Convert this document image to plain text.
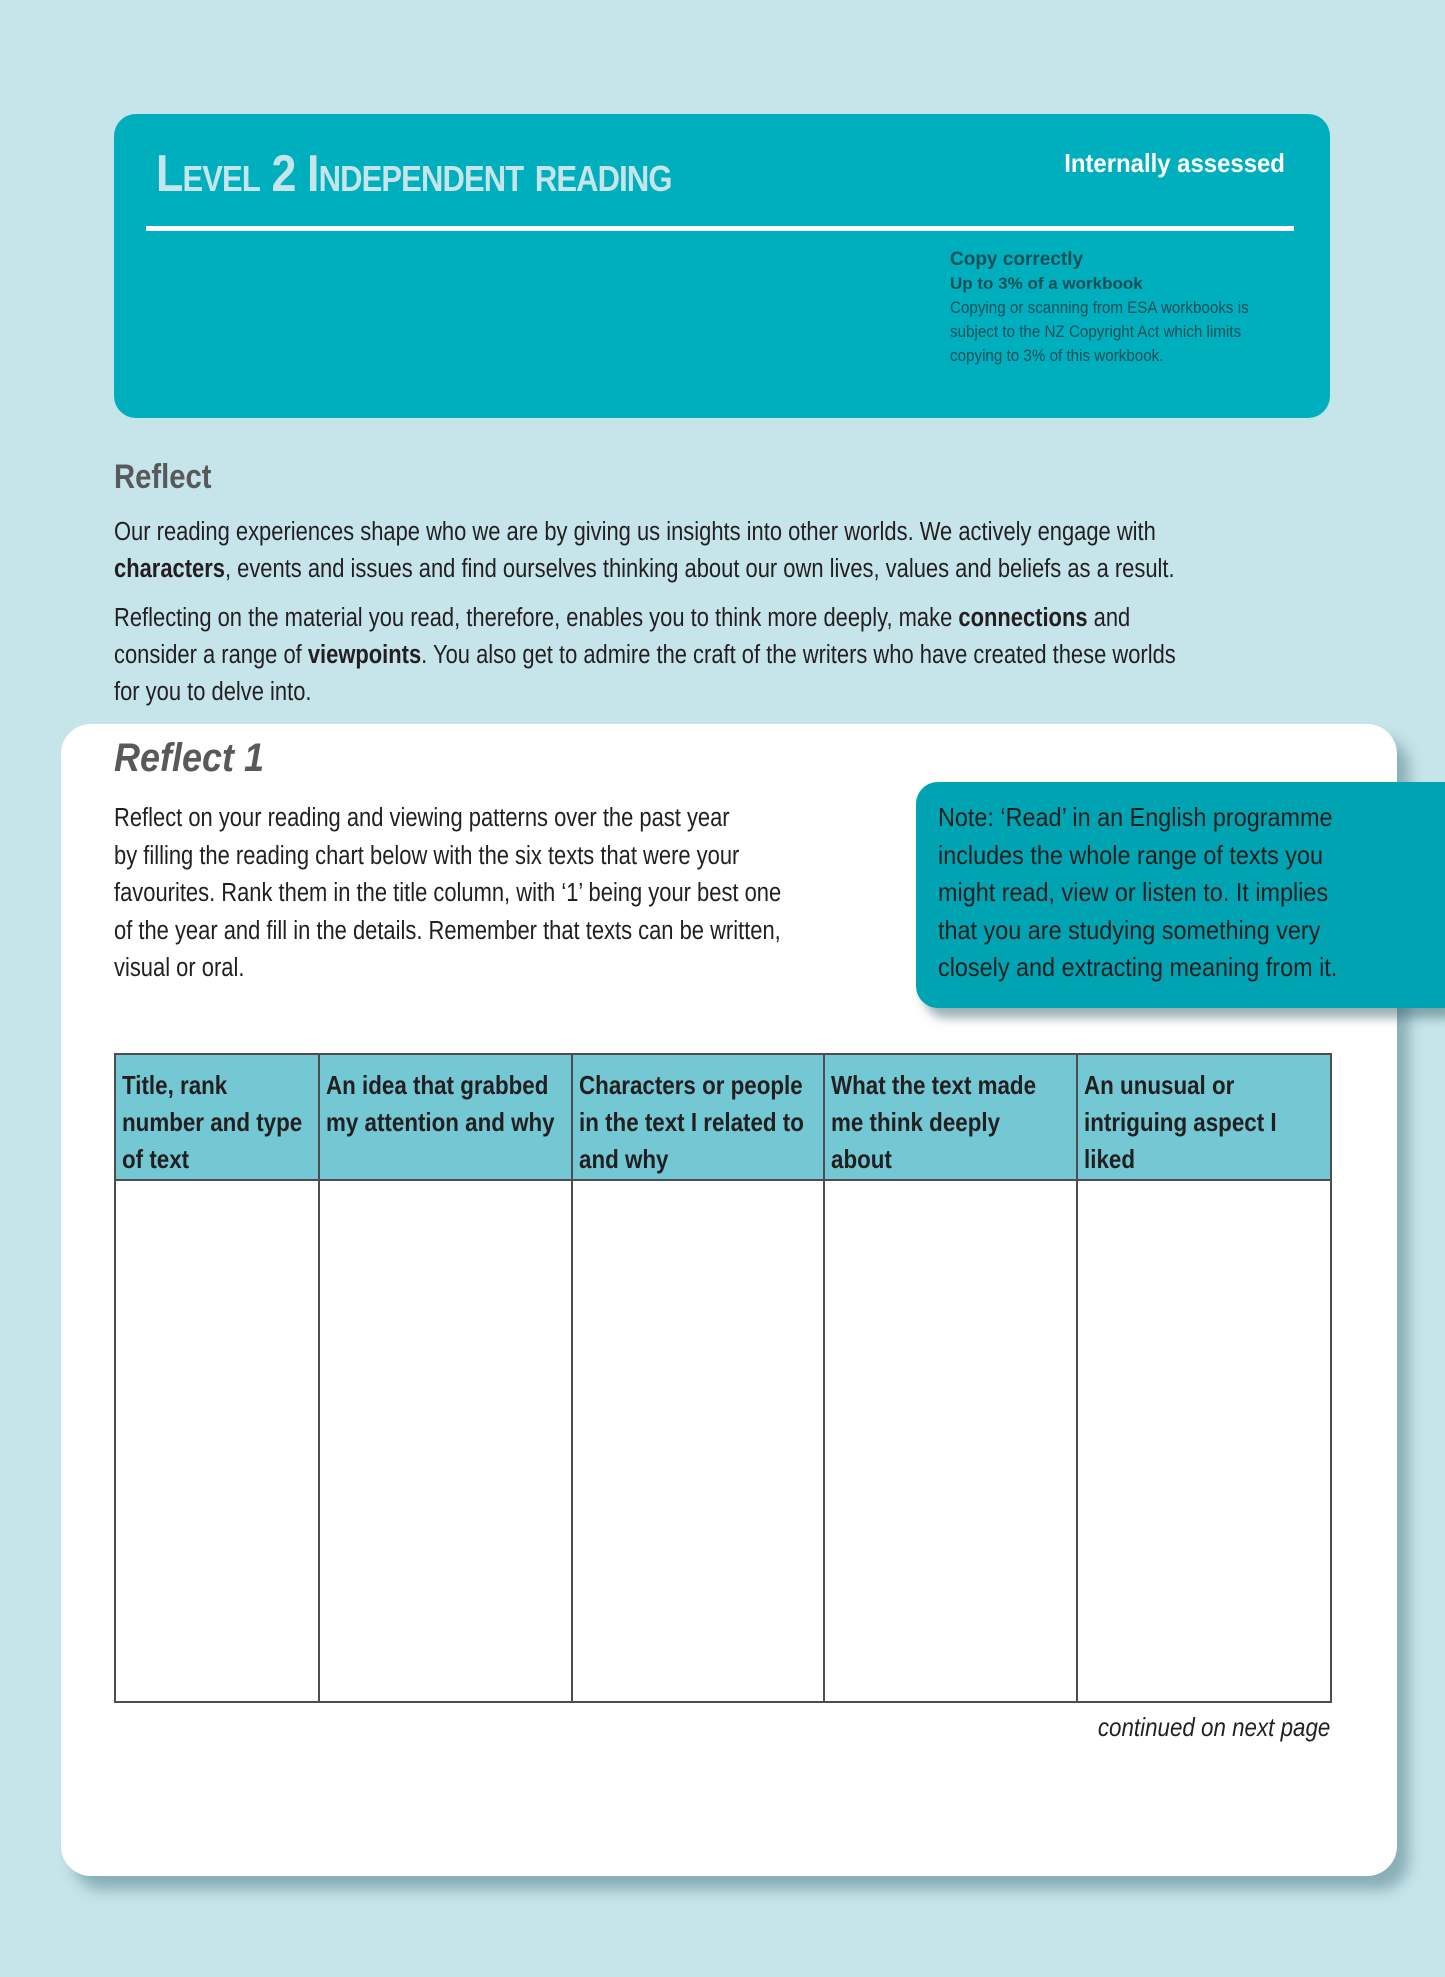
Level 2 Independent reading	Internally assessed
Copy correctly
Up to 3% of a workbook
Copying or scanning from ESA workbooks is
subject to the NZ Copyright Act which limits
copying to 3% of this workbook.
Reflect
Our reading experiences shape who we are by giving us insights into other worlds. We actively engage with characters, events and issues and find ourselves thinking about our own lives, values and beliefs as a result.
Reflecting on the material you read, therefore, enables you to think more deeply, make connections and consider a range of viewpoints. You also get to admire the craft of the writers who have created these worlds for you to delve into.
Reflect 1
Reflect on your reading and viewing patterns over the past year
by filling the reading chart below with the six texts that were your
favourites. Rank them in the title column, with ‘1’ being your best one
of the year and fill in the details. Remember that texts can be written,
visual or oral.
Note: ‘Read’ in an English programme
includes the whole range of texts you
might read, view or listen to. It implies
that you are studying something very
closely and extracting meaning from it.
Title, rank number and type of text	An idea that grabbed my attention and why	Characters or people in the text I related to and why	What the text made me think deeply about	An unusual or intriguing aspect I liked

continued on next page
